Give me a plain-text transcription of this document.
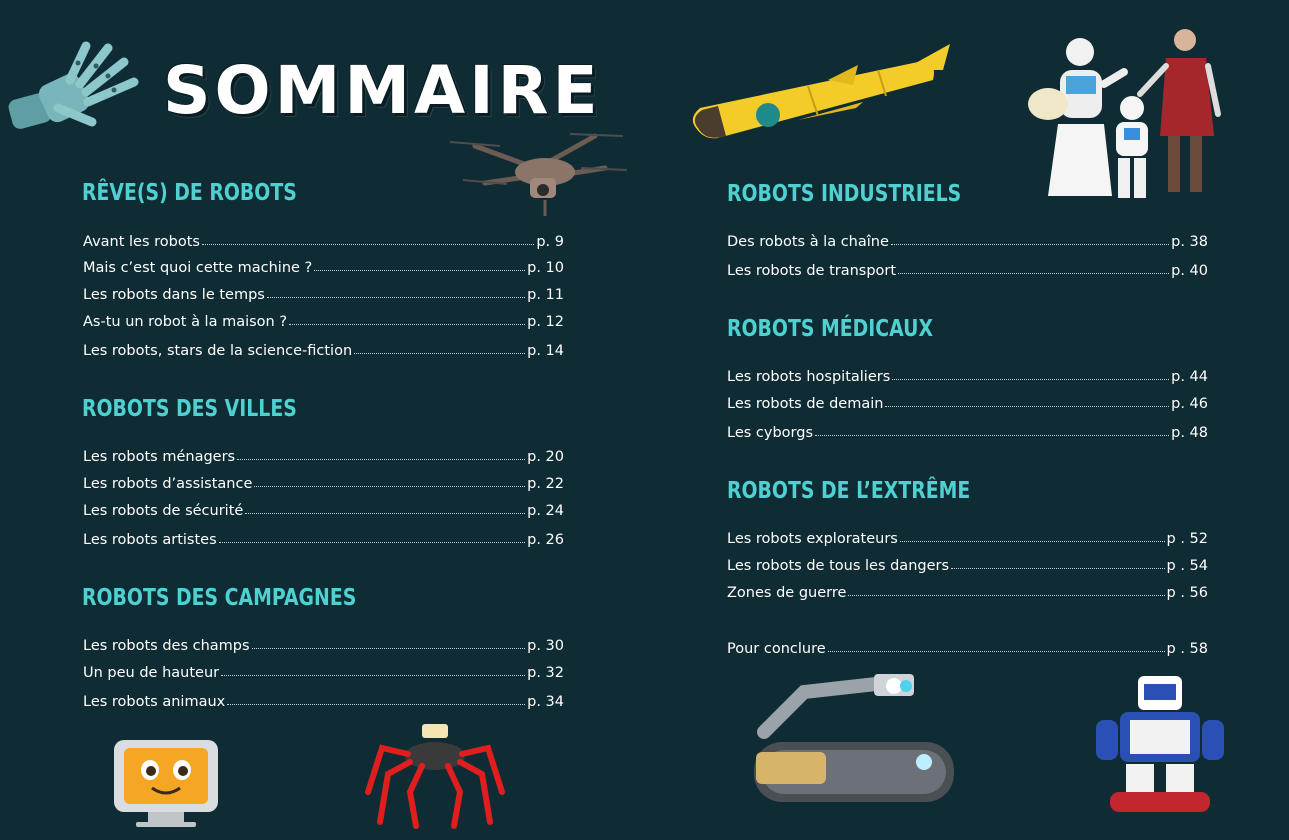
SOMMAIRE
RÊVE(S) DE ROBOTS
Avant les robots	p. 9
Mais c’est quoi cette machine ?	p. 10
Les robots dans le temps	p. 11
As-tu un robot à la maison ?	p. 12
Les robots, stars de la science-fiction	p. 14
ROBOTS DES VILLES
Les robots ménagers	p. 20
Les robots d’assistance	p. 22
Les robots de sécurité	p. 24
Les robots artistes	p. 26
ROBOTS DES CAMPAGNES
Les robots des champs	p. 30
Un peu de hauteur	p. 32
Les robots animaux	p. 34
ROBOTS INDUSTRIELS
Des robots à la chaîne	p. 38
Les robots de transport	p. 40
ROBOTS MÉDICAUX
Les robots hospitaliers	p. 44
Les robots de demain	p. 46
Les cyborgs	p. 48
ROBOTS DE L’EXTRÊME
Les robots explorateurs	p . 52
Les robots de tous les dangers	p . 54
Zones de guerre	p . 56
Pour conclure	p . 58
